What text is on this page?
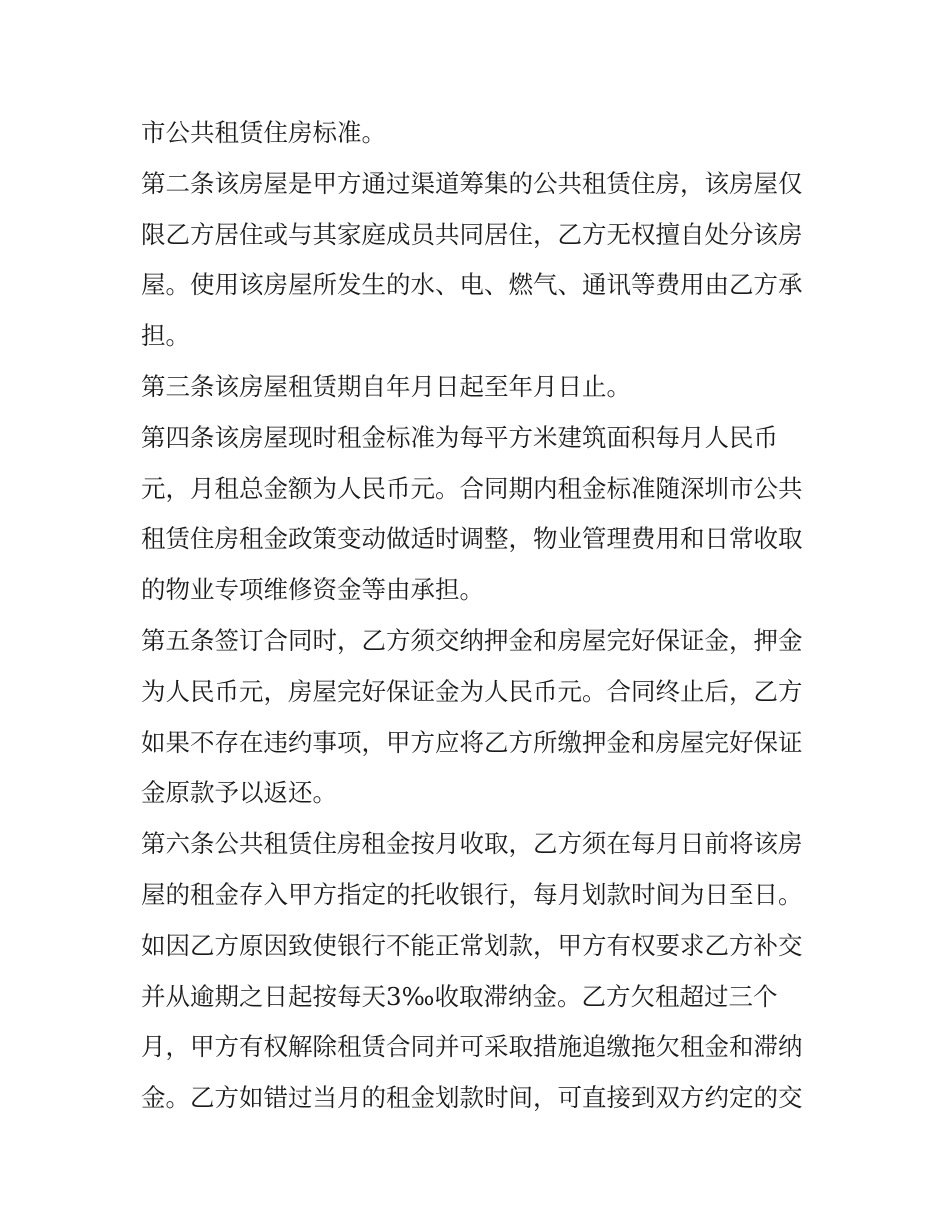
市公共租赁住房标准。
第二条该房屋是甲方通过渠道筹集的公共租赁住房，该房屋仅
限乙方居住或与其家庭成员共同居住，乙方无权擅自处分该房
屋。使用该房屋所发生的水、电、燃气、通讯等费用由乙方承
担。
第三条该房屋租赁期自年月日起至年月日止。
第四条该房屋现时租金标准为每平方米建筑面积每月人民币
元，月租总金额为人民币元。合同期内租金标准随深圳市公共
租赁住房租金政策变动做适时调整，物业管理费用和日常收取
的物业专项维修资金等由承担。
第五条签订合同时，乙方须交纳押金和房屋完好保证金，押金
为人民币元，房屋完好保证金为人民币元。合同终止后，乙方
如果不存在违约事项，甲方应将乙方所缴押金和房屋完好保证
金原款予以返还。
第六条公共租赁住房租金按月收取，乙方须在每月日前将该房
屋的租金存入甲方指定的托收银行，每月划款时间为日至日。
如因乙方原因致使银行不能正常划款，甲方有权要求乙方补交
并从逾期之日起按每天3‰收取滞纳金。乙方欠租超过三个
月，甲方有权解除租赁合同并可采取措施追缴拖欠租金和滞纳
金。乙方如错过当月的租金划款时间，可直接到双方约定的交
